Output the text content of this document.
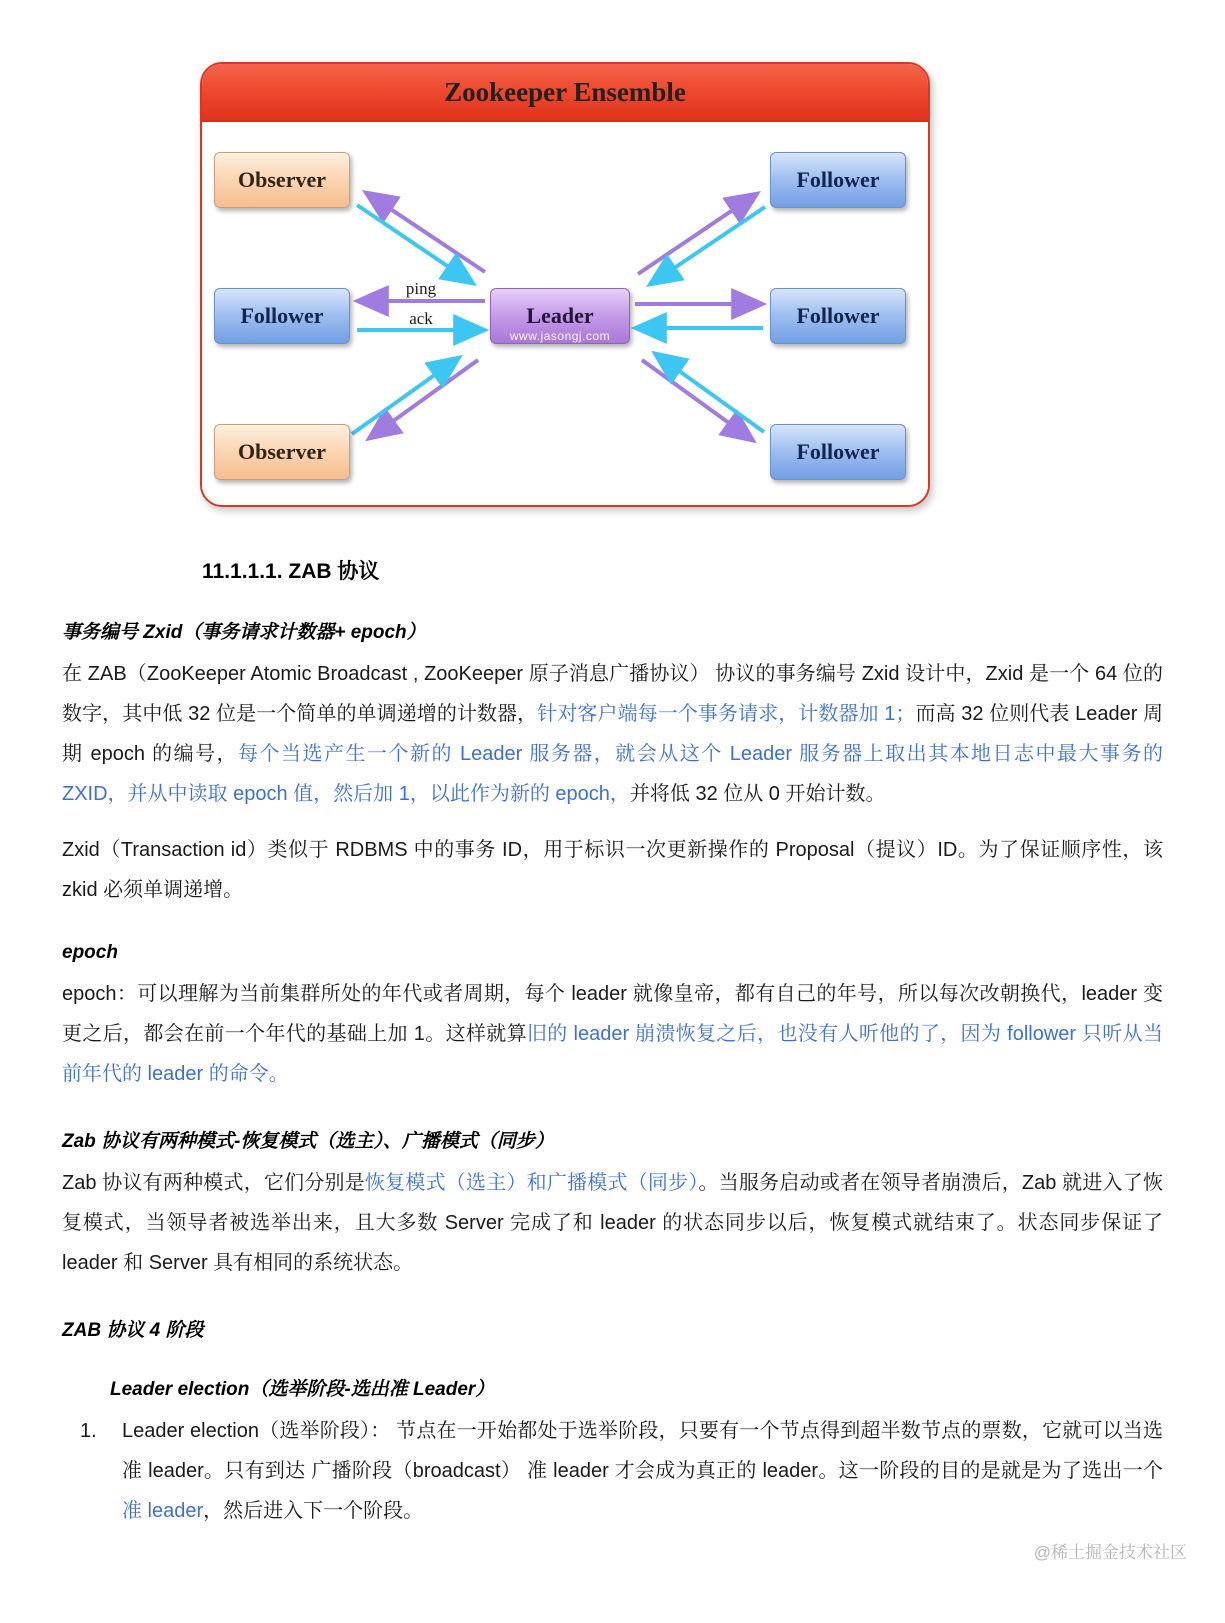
Zookeeper Ensemble
ping
ack
Observer	Follower
Follower	Leader
www.jasongj.com
Follower
Observer	Follower
11.1.1.1. ZAB 协议
事务编号 Zxid（事务请求计数器+ epoch）

在 ZAB（ZooKeeper Atomic Broadcast , ZooKeeper 原子消息广播协议） 协议的事务编号 Zxid 设计中，Zxid 是一个 64 位的数字，其中低 32 位是一个简单的单调递增的计数器，针对客户端每一个事务请求，计数器加 1；而高 32 位则代表 Leader 周期 epoch 的编号，每个当选产生一个新的 Leader 服务器，就会从这个 Leader 服务器上取出其本地日志中最大事务的 ZXID，并从中读取 epoch 值，然后加 1，以此作为新的 epoch，并将低 32 位从 0 开始计数。

Zxid（Transaction id）类似于 RDBMS 中的事务 ID，用于标识一次更新操作的 Proposal（提议）ID。为了保证顺序性，该 zkid 必须单调递增。

epoch

epoch：可以理解为当前集群所处的年代或者周期，每个 leader 就像皇帝，都有自己的年号，所以每次改朝换代，leader 变更之后，都会在前一个年代的基础上加 1。这样就算旧的 leader 崩溃恢复之后，也没有人听他的了，因为 follower 只听从当前年代的 leader 的命令。

Zab 协议有两种模式-恢复模式（选主）、广播模式（同步）

Zab 协议有两种模式，它们分别是恢复模式（选主）和广播模式（同步）。当服务启动或者在领导者崩溃后，Zab 就进入了恢复模式，当领导者被选举出来，且大多数 Server 完成了和 leader 的状态同步以后，恢复模式就结束了。状态同步保证了 leader 和 Server 具有相同的系统状态。

ZAB 协议 4 阶段
Leader election（选举阶段-选出准 Leader）
1.	Leader election（选举阶段）： 节点在一开始都处于选举阶段，只要有一个节点得到超半数节点的票数，它就可以当选准 leader。只有到达 广播阶段（broadcast） 准 leader 才会成为真正的 leader。这一阶段的目的是就是为了选出一个准 leader，然后进入下一个阶段。
@稀土掘金技术社区
